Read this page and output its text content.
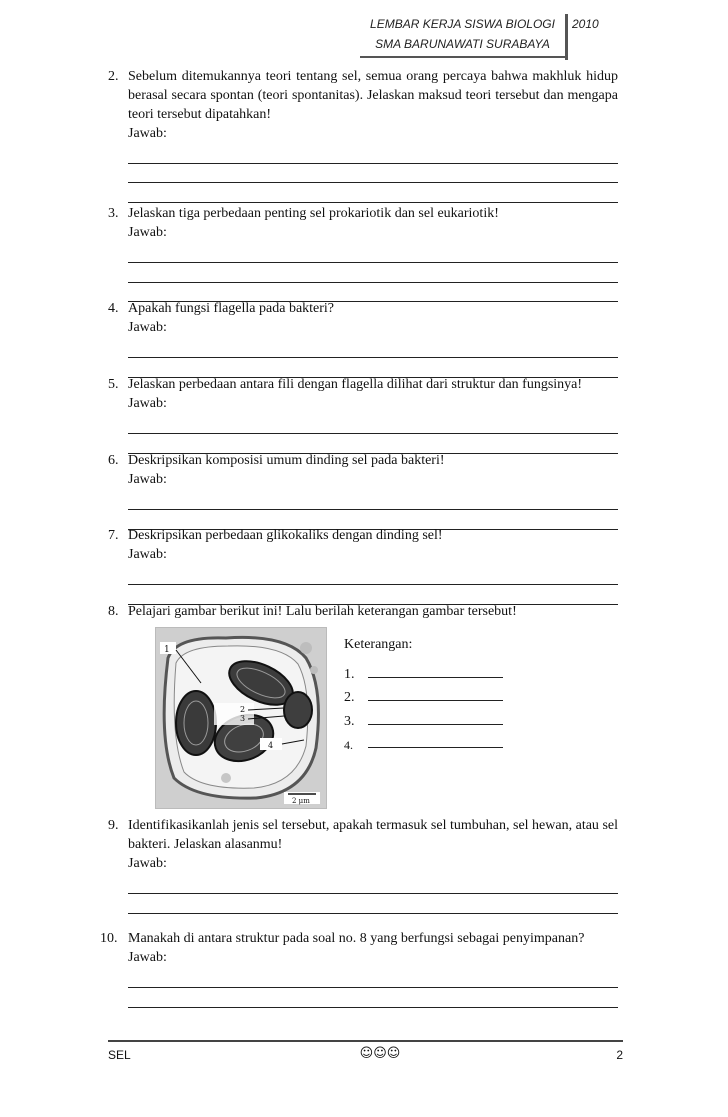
LEMBAR KERJA SISWA BIOLOGI
SMA BARUNAWATI SURABAYA
2010
2. Sebelum ditemukannya teori tentang sel, semua orang percaya bahwa makhluk hidup berasal secara spontan (teori spontanitas). Jelaskan maksud teori tersebut dan mengapa teori tersebut dipatahkan!
Jawab:
3. Jelaskan tiga perbedaan penting sel prokariotik dan sel eukariotik!
Jawab:
4. Apakah fungsi flagella pada bakteri?
Jawab:
5. Jelaskan perbedaan antara fili dengan flagella dilihat dari struktur dan fungsinya!
Jawab:
6. Deskripsikan komposisi umum dinding sel pada bakteri!
Jawab:
7. Deskripsikan perbedaan glikokaliks dengan dinding sel!
Jawab:
8. Pelajari gambar berikut ini! Lalu berilah keterangan gambar tersebut!
1
2
3
4
2 μm
Keterangan:
1.
2.
3.
4.
9. Identifikasikanlah jenis sel tersebut, apakah termasuk sel tumbuhan, sel hewan, atau sel bakteri. Jelaskan alasanmu!
Jawab:
10. Manakah di antara struktur pada soal no. 8 yang berfungsi sebagai penyimpanan?
Jawab:
SEL	☺☺☺	2
